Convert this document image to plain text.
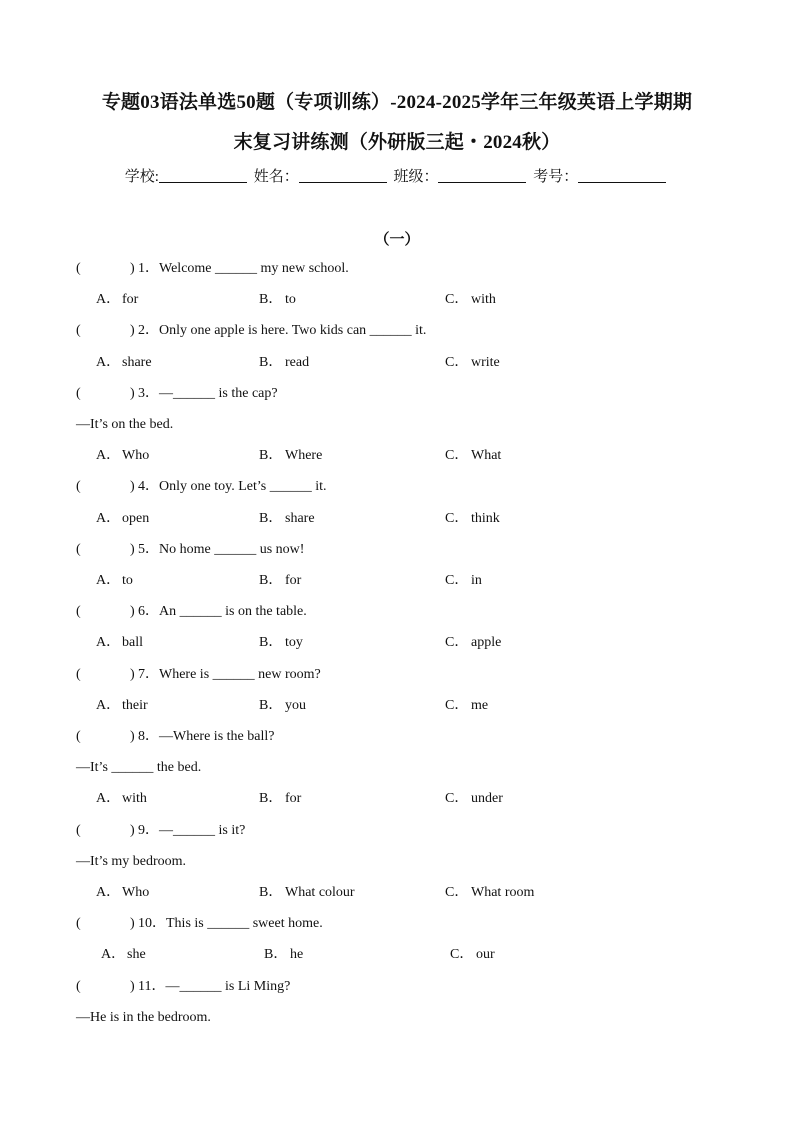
专题03语法单选50题（专项训练）-2024-2025学年三年级英语上学期期
末复习讲练测（外研版三起・2024秋）
学校:	姓名：	班级：	考号：
（一）
(	) 1．Welcome ______ my new school.
A． for	B． to	C． with
(	) 2．Only one apple is here. Two kids can ______ it.
A． share	B． read	C． write
(	) 3．—______ is the cap?
—It’s on the bed.
A． Who	B． Where	C． What
(	) 4．Only one toy. Let’s ______ it.
A． open	B． share	C． think
(	) 5．No home ______ us now!
A． to	B． for	C． in
(	) 6．An ______ is on the table.
A． ball	B． toy	C． apple
(	) 7．Where is ______ new room?
A． their	B． you	C． me
(	) 8．—Where is the ball?
—It’s ______ the bed.
A． with	B． for	C． under
(	) 9．—______ is it?
—It’s my bedroom.
A． Who	B． What colour	C． What room
(	) 10．This is ______ sweet home.
A． she	B． he	C． our
(	) 11．—______ is Li Ming?
—He is in the bedroom.
